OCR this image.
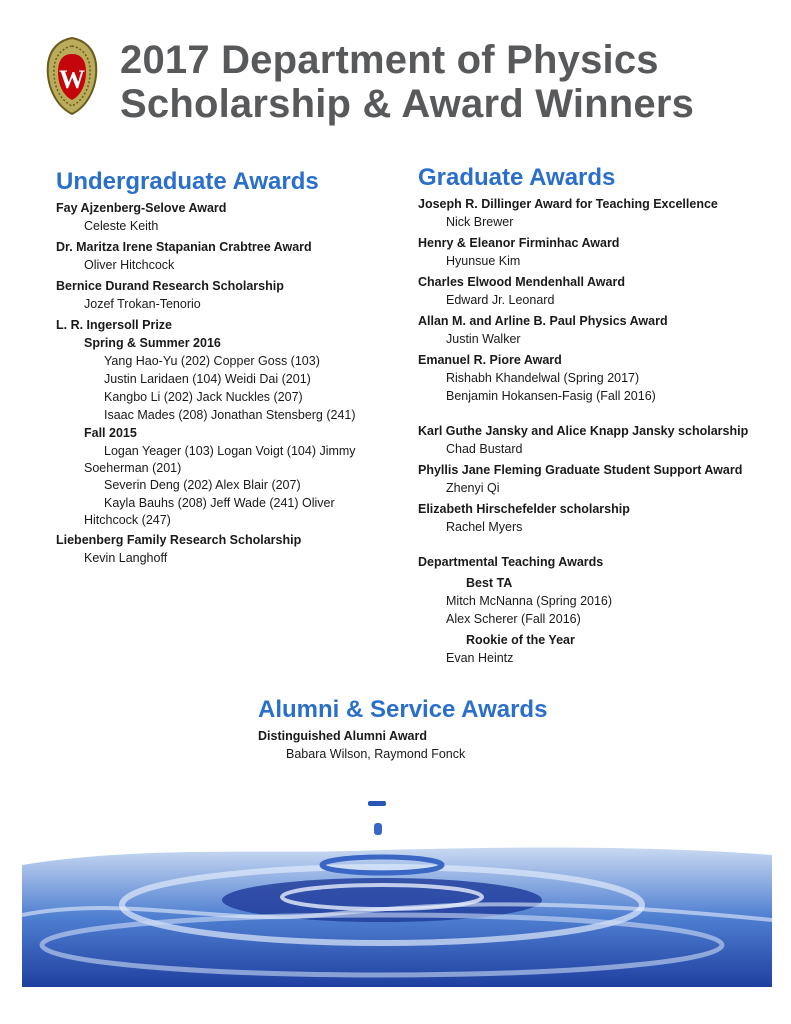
W 2017 Department of Physics
Scholarship & Award Winners
Undergraduate Awards
Fay Ajzenberg-Selove Award
Celeste Keith
Dr. Maritza Irene Stapanian Crabtree Award
Oliver Hitchcock
Bernice Durand Research Scholarship
Jozef Trokan-Tenorio
L. R. Ingersoll Prize
Spring & Summer 2016
Yang Hao-Yu (202) Copper Goss (103)
Justin Laridaen (104) Weidi Dai (201)
Kangbo Li (202) Jack Nuckles (207)
Isaac Mades (208) Jonathan Stensberg (241)
Fall 2015
Logan Yeager (103) Logan Voigt (104) Jimmy
Soeherman (201)
Severin Deng (202) Alex Blair (207)
Kayla Bauhs (208) Jeff Wade (241) Oliver
Hitchcock (247)
Liebenberg Family Research Scholarship
Kevin Langhoff
Graduate Awards
Joseph R. Dillinger Award for Teaching Excellence
Nick Brewer
Henry & Eleanor Firminhac Award
Hyunsue Kim
Charles Elwood Mendenhall Award
Edward Jr. Leonard
Allan M. and Arline B. Paul Physics Award
Justin Walker
Emanuel R. Piore Award
Rishabh Khandelwal (Spring 2017)
Benjamin Hokansen-Fasig (Fall 2016)
Karl Guthe Jansky and Alice Knapp Jansky scholarship
Chad Bustard
Phyllis Jane Fleming Graduate Student Support Award
Zhenyi Qi
Elizabeth Hirschefelder scholarship
Rachel Myers
Departmental Teaching Awards
Best TA
Mitch McNanna (Spring 2016)
Alex Scherer (Fall 2016)
Rookie of the Year
Evan Heintz
Alumni & Service Awards
Distinguished Alumni Award
Babara Wilson, Raymond Fonck
